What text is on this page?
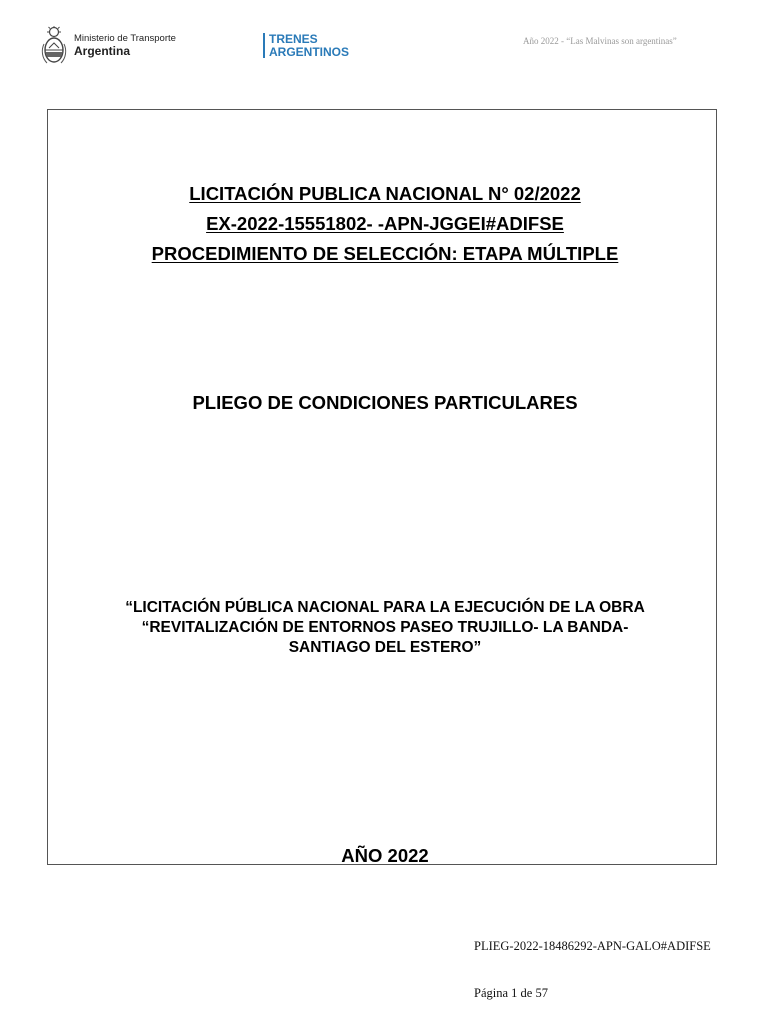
Ministerio de Transporte
Argentina
TRENES
ARGENTINOS
Año 2022 - “Las Malvinas son argentinas”
LICITACIÓN PUBLICA NACIONAL N° 02/2022
EX-2022-15551802- -APN-JGGEI#ADIFSE
PROCEDIMIENTO DE SELECCIÓN: ETAPA MÚLTIPLE
PLIEGO DE CONDICIONES PARTICULARES
“LICITACIÓN PÚBLICA NACIONAL PARA LA EJECUCIÓN DE LA OBRA
“REVITALIZACIÓN DE ENTORNOS PASEO TRUJILLO- LA BANDA-
SANTIAGO DEL ESTERO”
AÑO 2022
PLIEG-2022-18486292-APN-GALO#ADIFSE
Página 1 de 57
